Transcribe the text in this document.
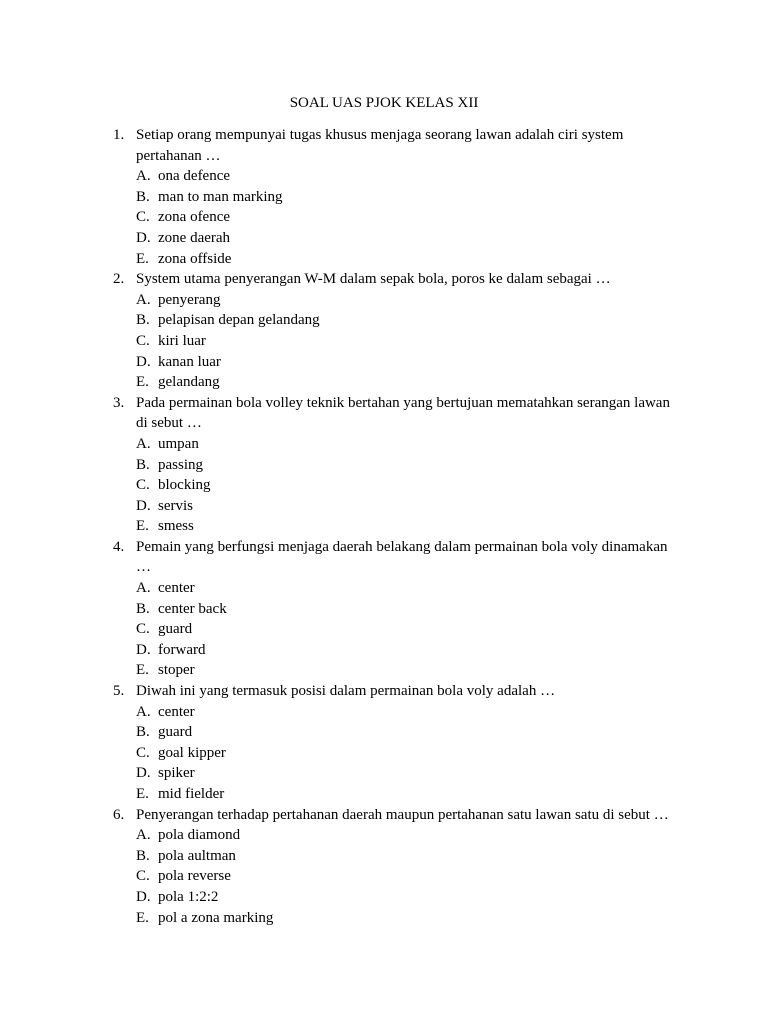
SOAL UAS PJOK KELAS XII
1. Setiap orang mempunyai tugas khusus menjaga seorang lawan adalah ciri system pertahanan …

A. ona defence
B. man to man marking
C. zona ofence
D. zone daerah
E. zona offside
2. System utama penyerangan W-M dalam sepak bola, poros ke dalam sebagai …

A. penyerang
B. pelapisan depan gelandang
C. kiri luar
D. kanan luar
E. gelandang
3. Pada permainan bola volley teknik bertahan yang bertujuan mematahkan serangan lawan di sebut …

A. umpan
B. passing
C. blocking
D. servis
E. smess
4. Pemain yang berfungsi menjaga daerah belakang dalam permainan bola voly dinamakan …

A. center
B. center back
C. guard
D. forward
E. stoper
5. Diwah ini yang termasuk posisi dalam permainan bola voly adalah …

A. center
B. guard
C. goal kipper
D. spiker
E. mid fielder
6. Penyerangan terhadap pertahanan daerah maupun pertahanan satu lawan satu di sebut …

A. pola diamond
B. pola aultman
C. pola reverse
D. pola 1:2:2
E. pol a zona marking
